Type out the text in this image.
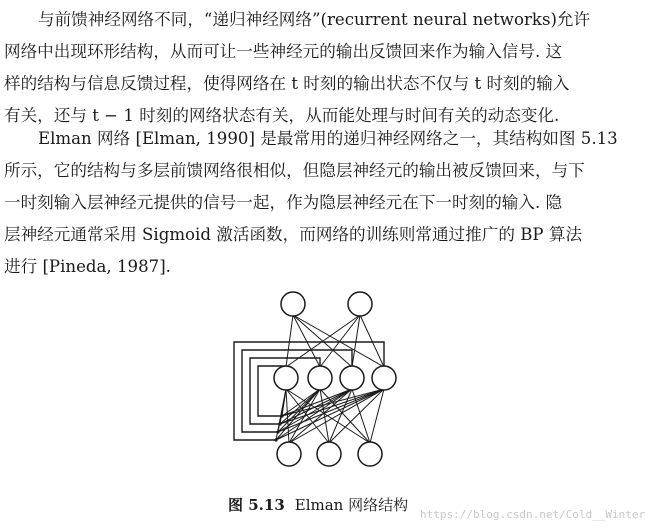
与前馈神经网络不同，“递归神经网络”(recurrent neural networks)允许
网络中出现环形结构，从而可让一些神经元的输出反馈回来作为输入信号. 这
样的结构与信息反馈过程，使得网络在 t 时刻的输出状态不仅与 t 时刻的输入
有关，还与 t − 1 时刻的网络状态有关，从而能处理与时间有关的动态变化.

Elman 网络 [Elman, 1990] 是最常用的递归神经网络之一，其结构如图 5.13
所示，它的结构与多层前馈网络很相似，但隐层神经元的输出被反馈回来，与下
一时刻输入层神经元提供的信号一起，作为隐层神经元在下一时刻的输入. 隐
层神经元通常采用 Sigmoid 激活函数，而网络的训练则常通过推广的 BP 算法
进行 [Pineda, 1987].

图 5.13 Elman 网络结构
https://blog.csdn.net/Cold__Winter
